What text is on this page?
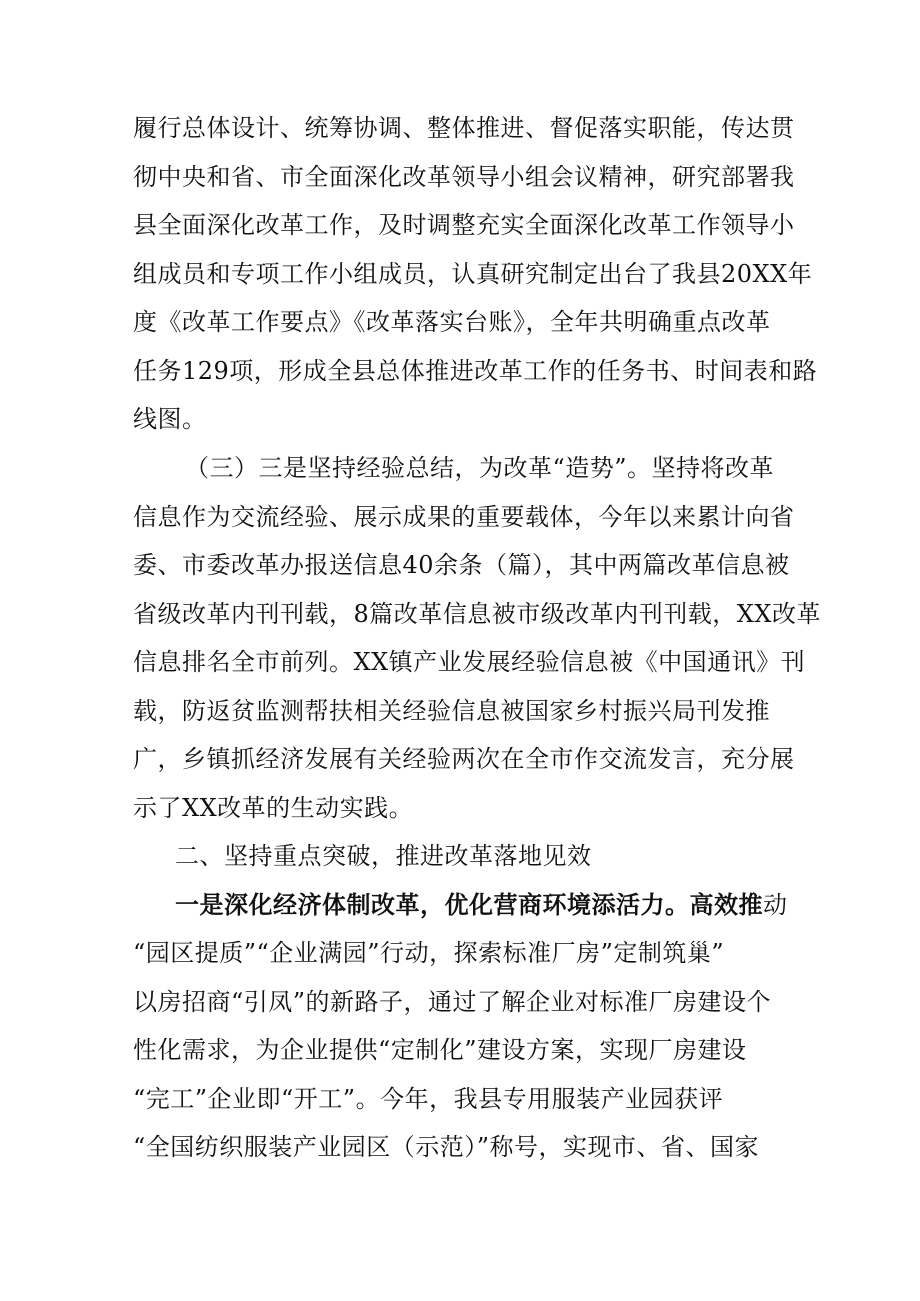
履行总体设计、统筹协调、整体推进、督促落实职能，传达贯
彻中央和省、市全面深化改革领导小组会议精神，研究部署我
县全面深化改革工作，及时调整充实全面深化改革工作领导小
组成员和专项工作小组成员，认真研究制定出台了我县20XX年
度《改革工作要点》《改革落实台账》，全年共明确重点改革
任务129项，形成全县总体推进改革工作的任务书、时间表和路
线图。
（三）三是坚持经验总结，为改革“造势”。坚持将改革
信息作为交流经验、展示成果的重要载体，今年以来累计向省
委、市委改革办报送信息40余条（篇），其中两篇改革信息被
省级改革内刊刊载，8篇改革信息被市级改革内刊刊载，XX改革
信息排名全市前列。XX镇产业发展经验信息被《中国通讯》刊
载，防返贫监测帮扶相关经验信息被国家乡村振兴局刊发推
广，乡镇抓经济发展有关经验两次在全市作交流发言，充分展
示了XX改革的生动实践。
二、坚持重点突破，推进改革落地见效
一是深化经济体制改革，优化营商环境添活力。高效推动
“园区提质”“企业满园”行动，探索标准厂房”定制筑巢”
以房招商“引凤”的新路子，通过了解企业对标准厂房建设个
性化需求，为企业提供“定制化”建设方案，实现厂房建设
“完工”企业即“开工”。今年，我县专用服装产业园获评
“全国纺织服装产业园区（示范）”称号，实现市、省、国家
